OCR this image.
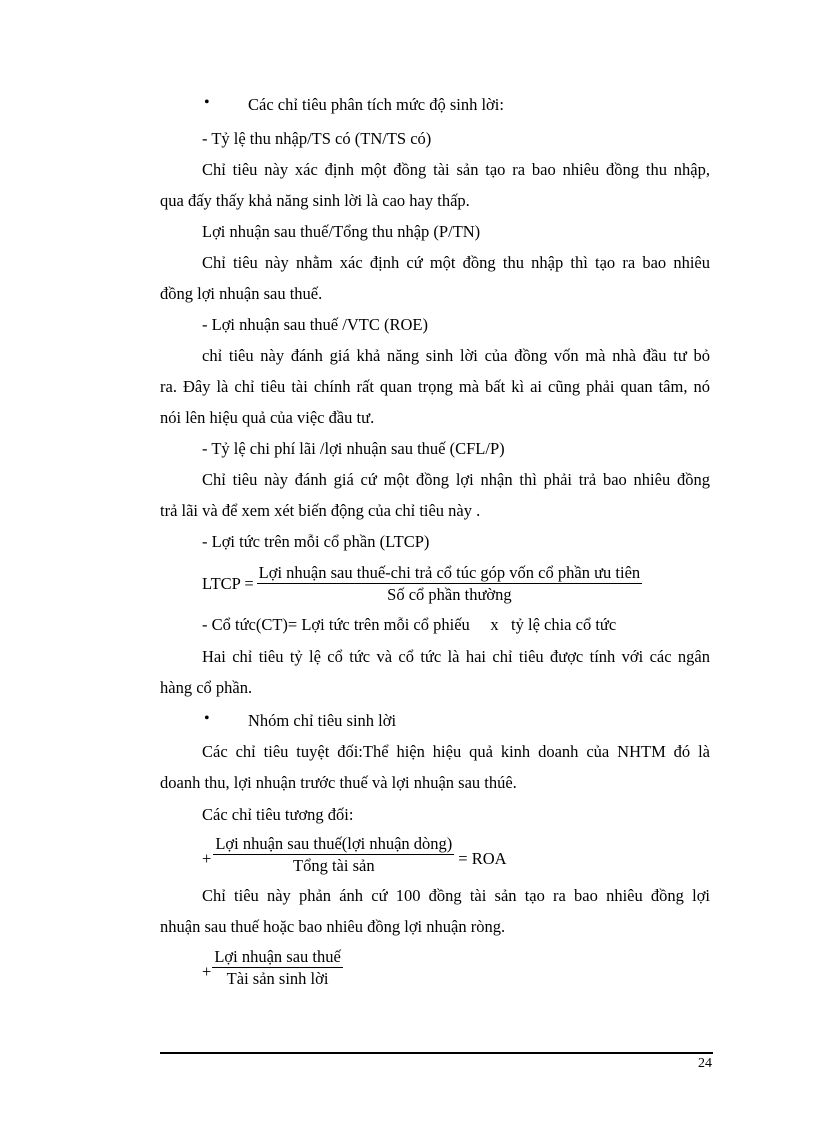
• Các chỉ tiêu phân tích mức độ sinh lời:
- Tỷ lệ thu nhập/TS có (TN/TS có)
Chỉ tiêu này xác định một đồng tài sản tạo ra bao nhiêu đồng thu nhập,
qua đấy thấy khả năng sinh lời là cao hay thấp.
Lợi nhuận sau thuế/Tổng thu nhập (P/TN)
Chỉ tiêu này nhằm xác định cứ một đồng thu nhập thì tạo ra bao nhiêu
đồng lợi nhuận sau thuế.
- Lợi nhuận sau thuế /VTC (ROE)
chỉ tiêu này đánh giá khả năng sinh lời của đồng vốn mà nhà đầu tư bỏ
ra. Đây là chỉ tiêu tài chính rất quan trọng mà bất kì ai cũng phải quan tâm, nó
nói lên hiệu quả của việc đầu tư.
- Tỷ lệ chi phí lãi /lợi nhuận sau thuế (CFL/P)
Chỉ tiêu này đánh giá cứ một đồng lợi nhận thì phải trả bao nhiêu đồng
trả lãi và để xem xét biến động của chỉ tiêu này .
- Lợi tức trên mỗi cổ phần (LTCP)
LTCP = $\frac{\text{Lợi nhuận sau thuế-chi trả cổ túc góp vốn cổ phần ưu tiên}}{\text{Số cổ phần thường}}$
- Cổ tức(CT)= Lợi tức trên mỗi cổ phiếu     x   tỷ lệ chia cổ tức
Hai chỉ tiêu tỷ lệ cổ tức và cổ tức là hai chỉ tiêu được tính với các ngân
hàng cổ phần.
• Nhóm chỉ tiêu sinh lời
Các chỉ tiêu tuyệt đối:Thể hiện hiệu quả kinh doanh của NHTM đó là
doanh thu, lợi nhuận trước thuế và lợi nhuận sau thúê.
Các chỉ tiêu tương đối:
+ $\frac{\text{Lợi nhuận sau thuế(lợi nhuận dòng)}}{\text{Tổng tài sản}}$ = ROA
Chỉ tiêu này phản ánh cứ 100 đồng tài sản tạo ra bao nhiêu đồng lợi
nhuận sau thuế hoặc bao nhiêu đồng lợi nhuận ròng.
+ $\frac{\text{Lợi nhuận sau thuế}}{\text{Tài sản sinh lời}}$
24
